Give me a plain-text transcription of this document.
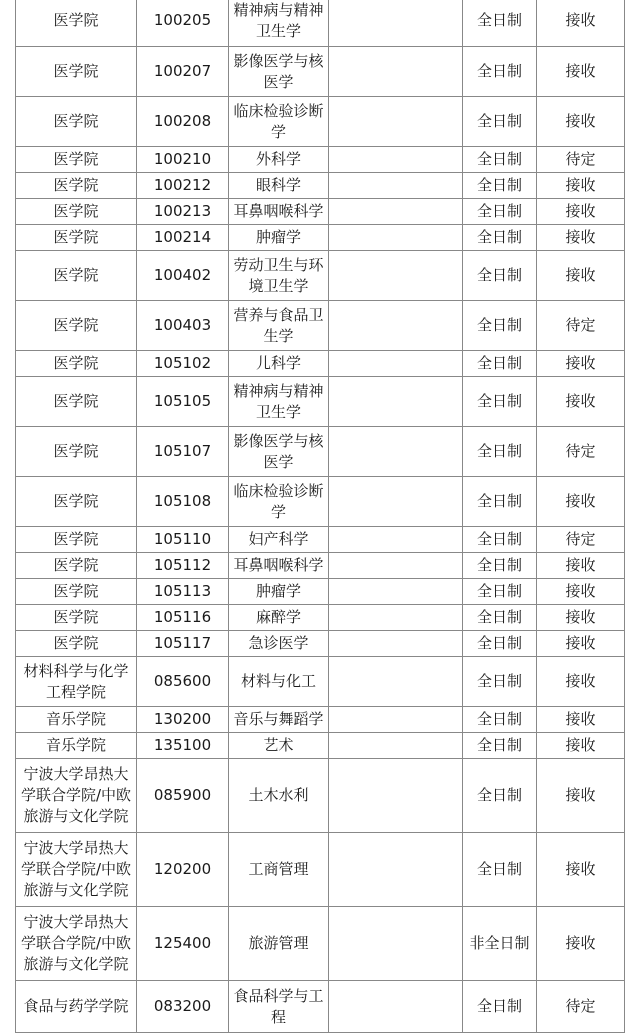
医学院	100205	精神病与精神卫生学		全日制	接收
医学院	100207	影像医学与核医学		全日制	接收
医学院	100208	临床检验诊断学		全日制	接收
医学院	100210	外科学		全日制	待定
医学院	100212	眼科学		全日制	接收
医学院	100213	耳鼻咽喉科学		全日制	接收
医学院	100214	肿瘤学		全日制	接收
医学院	100402	劳动卫生与环境卫生学		全日制	接收
医学院	100403	营养与食品卫生学		全日制	待定
医学院	105102	儿科学		全日制	接收
医学院	105105	精神病与精神卫生学		全日制	接收
医学院	105107	影像医学与核医学		全日制	待定
医学院	105108	临床检验诊断学		全日制	接收
医学院	105110	妇产科学		全日制	待定
医学院	105112	耳鼻咽喉科学		全日制	接收
医学院	105113	肿瘤学		全日制	接收
医学院	105116	麻醉学		全日制	接收
医学院	105117	急诊医学		全日制	接收
材料科学与化学工程学院	085600	材料与化工		全日制	接收
音乐学院	130200	音乐与舞蹈学		全日制	接收
音乐学院	135100	艺术		全日制	接收
宁波大学昂热大学联合学院/中欧旅游与文化学院	085900	土木水利		全日制	接收
宁波大学昂热大学联合学院/中欧旅游与文化学院	120200	工商管理		全日制	接收
宁波大学昂热大学联合学院/中欧旅游与文化学院	125400	旅游管理		非全日制	接收
食品与药学学院	083200	食品科学与工程		全日制	待定
